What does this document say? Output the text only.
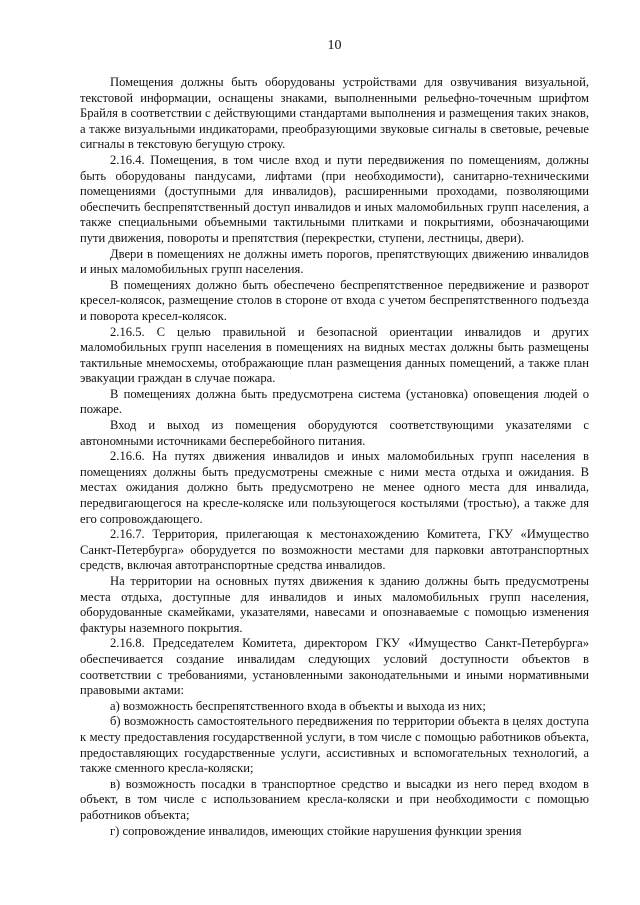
10

Помещения должны быть оборудованы устройствами для озвучивания визуальной, текстовой информации, оснащены знаками, выполненными рельефно-точечным шрифтом Брайля в соответствии с действующими стандартами выполнения и размещения таких знаков, а также визуальными индикаторами, преобразующими звуковые сигналы в световые, речевые сигналы в текстовую бегущую строку.

2.16.4. Помещения, в том числе вход и пути передвижения по помещениям, должны быть оборудованы пандусами, лифтами (при необходимости), санитарно-техническими помещениями (доступными для инвалидов), расширенными проходами, позволяющими обеспечить беспрепятственный доступ инвалидов и иных маломобильных групп населения, а также специальными объемными тактильными плитками и покрытиями, обозначающими пути движения, повороты и препятствия (перекрестки, ступени, лестницы, двери).

Двери в помещениях не должны иметь порогов, препятствующих движению инвалидов и иных маломобильных групп населения.

В помещениях должно быть обеспечено беспрепятственное передвижение и разворот кресел-колясок, размещение столов в стороне от входа с учетом беспрепятственного подъезда и поворота кресел-колясок.

2.16.5. С целью правильной и безопасной ориентации инвалидов и других маломобильных групп населения в помещениях на видных местах должны быть размещены тактильные мнемосхемы, отображающие план размещения данных помещений, а также план эвакуации граждан в случае пожара.

В помещениях должна быть предусмотрена система (установка) оповещения людей о пожаре.

Вход и выход из помещения оборудуются соответствующими указателями с автономными источниками бесперебойного питания.

2.16.6. На путях движения инвалидов и иных маломобильных групп населения в помещениях должны быть предусмотрены смежные с ними места отдыха и ожидания. В местах ожидания должно быть предусмотрено не менее одного места для инвалида, передвигающегося на кресле-коляске или пользующегося костылями (тростью), а также для его сопровождающего.

2.16.7. Территория, прилегающая к местонахождению Комитета, ГКУ «Имущество Санкт-Петербурга» оборудуется по возможности местами для парковки автотранспортных средств, включая автотранспортные средства инвалидов.

На территории на основных путях движения к зданию должны быть предусмотрены места отдыха, доступные для инвалидов и иных маломобильных групп населения, оборудованные скамейками, указателями, навесами и опознаваемые с помощью изменения фактуры наземного покрытия.

2.16.8. Председателем Комитета, директором ГКУ «Имущество Санкт-Петербурга» обеспечивается создание инвалидам следующих условий доступности объектов в соответствии с требованиями, установленными законодательными и иными нормативными правовыми актами:

а) возможность беспрепятственного входа в объекты и выхода из них;

б) возможность самостоятельного передвижения по территории объекта в целях доступа к месту предоставления государственной услуги, в том числе с помощью работников объекта, предоставляющих государственные услуги, ассистивных и вспомогательных технологий, а также сменного кресла-коляски;

в) возможность посадки в транспортное средство и высадки из него перед входом в объект, в том числе с использованием кресла-коляски и при необходимости с помощью работников объекта;

г) сопровождение инвалидов, имеющих стойкие нарушения функции зрения
